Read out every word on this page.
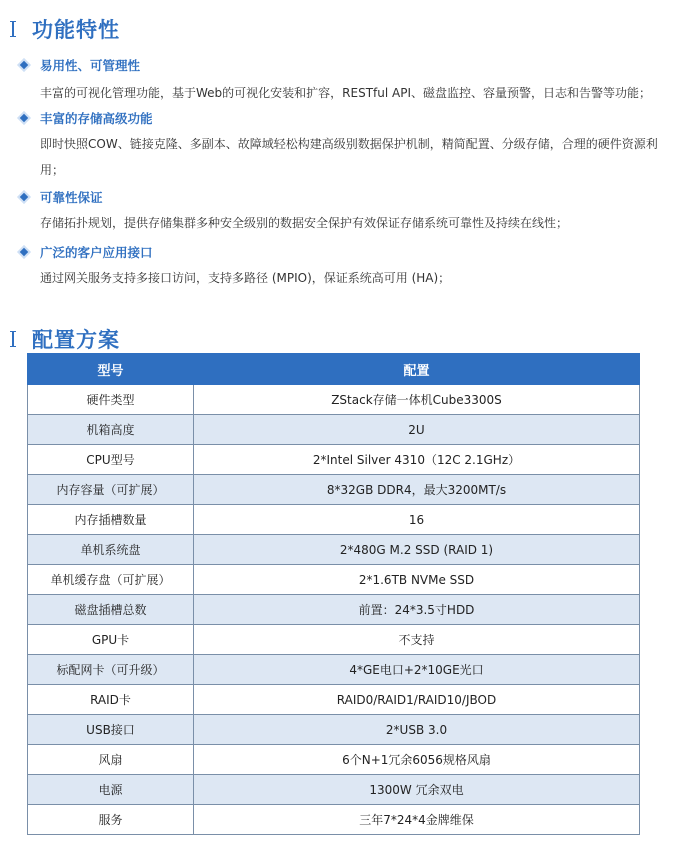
功能特性
易用性、可管理性
丰富的可视化管理功能，基于Web的可视化安装和扩容，RESTful API、磁盘监控、容量预警，日志和告警等功能；
丰富的存储高级功能
即时快照COW、链接克隆、多副本、故障域轻松构建高级别数据保护机制，精简配置、分级存储，合理的硬件资源利用；
可靠性保证
存储拓扑规划，提供存储集群多种安全级别的数据安全保护有效保证存储系统可靠性及持续在线性；
广泛的客户应用接口
通过网关服务支持多接口访问，支持多路径 (MPIO)，保证系统高可用 (HA)；
配置方案
型号	配置
硬件类型	ZStack存储一体机Cube3300S
机箱高度	2U
CPU型号	2*Intel Silver 4310（12C 2.1GHz）
内存容量（可扩展）	8*32GB DDR4，最大3200MT/s
内存插槽数量	16
单机系统盘	2*480G M.2 SSD (RAID 1)
单机缓存盘（可扩展）	2*1.6TB NVMe SSD
磁盘插槽总数	前置：24*3.5寸HDD
GPU卡	不支持
标配网卡（可升级）	4*GE电口+2*10GE光口
RAID卡	RAID0/RAID1/RAID10/JBOD
USB接口	2*USB 3.0
风扇	6个N+1冗余6056规格风扇
电源	1300W 冗余双电
服务	三年7*24*4金牌维保
